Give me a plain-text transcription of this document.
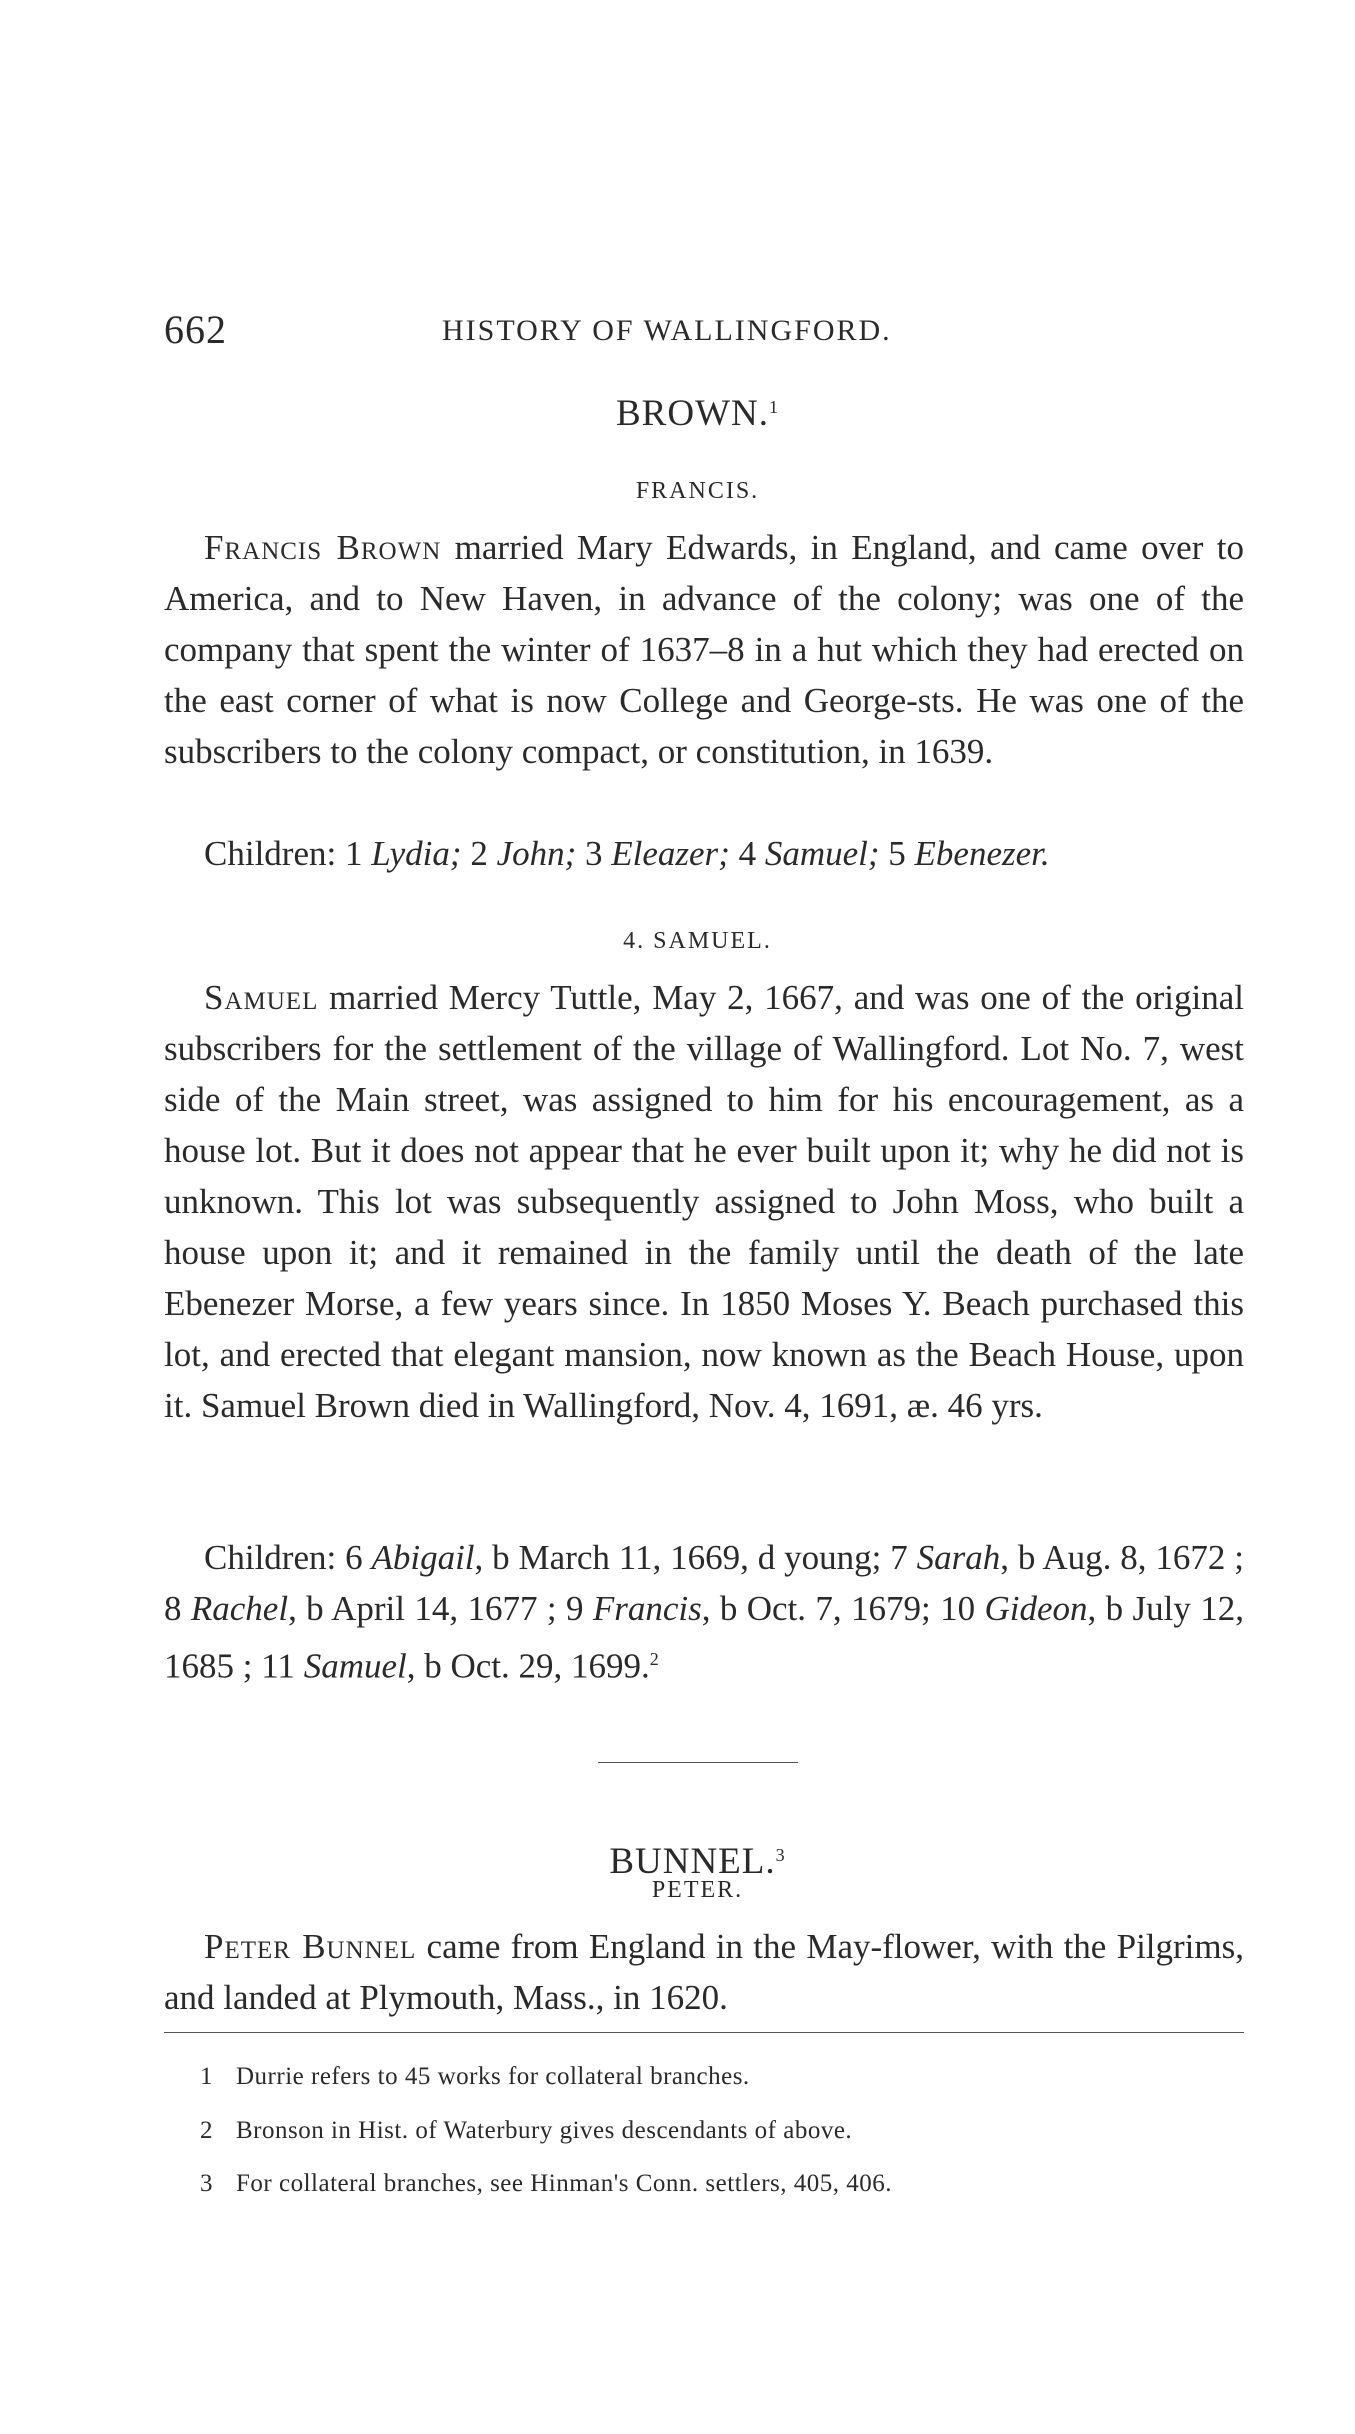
662	HISTORY OF WALLINGFORD.
BROWN.$^1$
FRANCIS.

Francis Brown married Mary Edwards, in England, and came over to America, and to New Haven, in advance of the colony; was one of the company that spent the winter of 1637–8 in a hut which they had erected on the east corner of what is now College and George-sts. He was one of the subscribers to the colony compact, or constitution, in 1639.

Children: 1 Lydia; 2 John; 3 Eleazer; 4 Samuel; 5 Ebenezer.

4. SAMUEL.

Samuel married Mercy Tuttle, May 2, 1667, and was one of the original subscribers for the settlement of the village of Wallingford. Lot No. 7, west side of the Main street, was assigned to him for his encouragement, as a house lot. But it does not appear that he ever built upon it; why he did not is unknown. This lot was subsequently assigned to John Moss, who built a house upon it; and it remained in the family until the death of the late Ebenezer Morse, a few years since. In 1850 Moses Y. Beach purchased this lot, and erected that elegant mansion, now known as the Beach House, upon it. Samuel Brown died in Wallingford, Nov. 4, 1691, æ. 46 yrs.

Children: 6 Abigail, b March 11, 1669, d young; 7 Sarah, b Aug. 8, 1672 ; 8 Rachel, b April 14, 1677 ; 9 Francis, b Oct. 7, 1679; 10 Gideon, b July 12, 1685 ; 11 Samuel, b Oct. 29, 1699.$^2$

BUNNEL.$^3$
PETER.

Peter Bunnel came from England in the May-flower, with the Pilgrims, and landed at Plymouth, Mass., in 1620.

1 Durrie refers to 45 works for collateral branches.
2 Bronson in Hist. of Waterbury gives descendants of above.
3 For collateral branches, see Hinman's Conn. settlers, 405, 406.
